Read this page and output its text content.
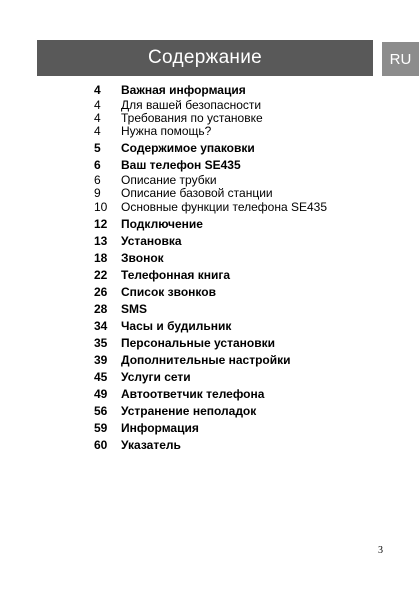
Содержание	RU
4 Важная информация
4 Для вашей безопасности
4 Требования по установке
4 Нужна помощь?
5 Содержимое упаковки
6 Ваш телефон SE435
6 Описание трубки
9 Описание базовой станции
10 Основные функции телефона SE435
12 Подключение
13 Установка
18 Звонок
22 Телефонная книга
26 Список звонков
28 SMS
34 Часы и будильник
35 Персональные установки
39 Дополнительные настройки
45 Услуги сети
49 Автоответчик телефона
56 Устранение неполадок
59 Информация
60 Указатель
3
